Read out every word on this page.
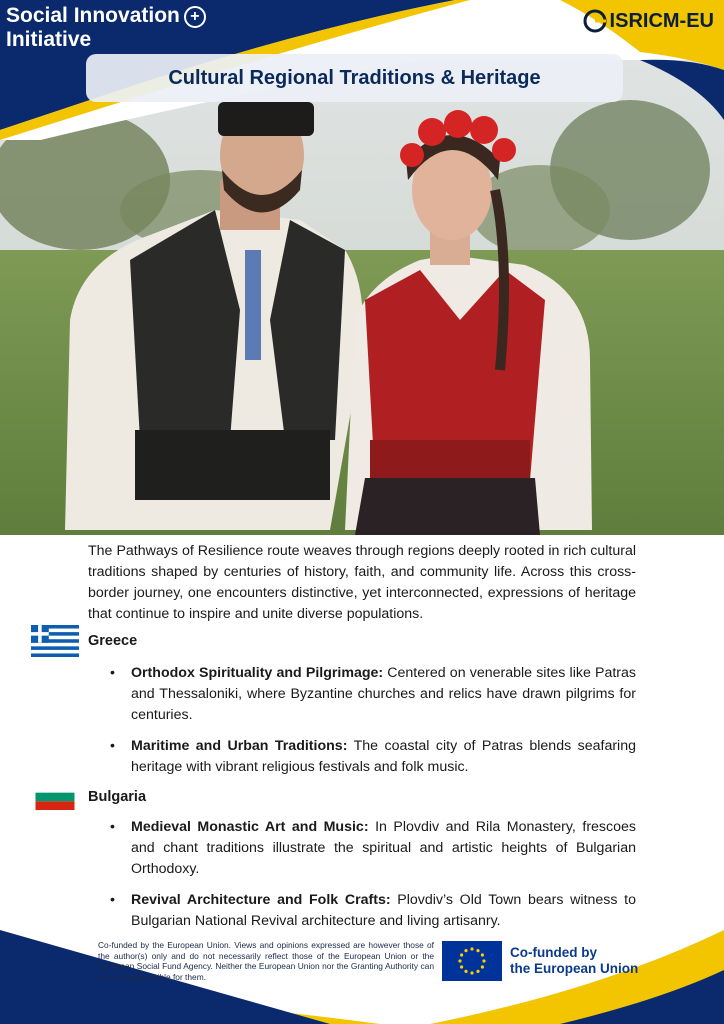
Social Innovation +
Initiative
ISRICM-EU
Cultural Regional Traditions & Heritage

The Pathways of Resilience route weaves through regions deeply rooted in rich cultural traditions shaped by centuries of history, faith, and community life. Across this cross-border journey, one encounters distinctive, yet interconnected, expressions of heritage that continue to inspire and unite diverse populations.

Greece
• Orthodox Spirituality and Pilgrimage: Centered on venerable sites like Patras and Thessaloniki, where Byzantine churches and relics have drawn pilgrims for centuries.
• Maritime and Urban Traditions: The coastal city of Patras blends seafaring heritage with vibrant religious festivals and folk music.
Bulgaria
• Medieval Monastic Art and Music: In Plovdiv and Rila Monastery, frescoes and chant traditions illustrate the spiritual and artistic heights of Bulgarian Orthodoxy.
• Revival Architecture and Folk Crafts: Plovdiv’s Old Town bears witness to Bulgarian National Revival architecture and living artisanry.
Co-funded by the European Union. Views and opinions expressed are however those of the author(s) only and do not necessarily reflect those of the European Union or the European Social Fund Agency. Neither the European Union nor the Granting Authority can be held responsible for them.
Co-funded by
the European Union
